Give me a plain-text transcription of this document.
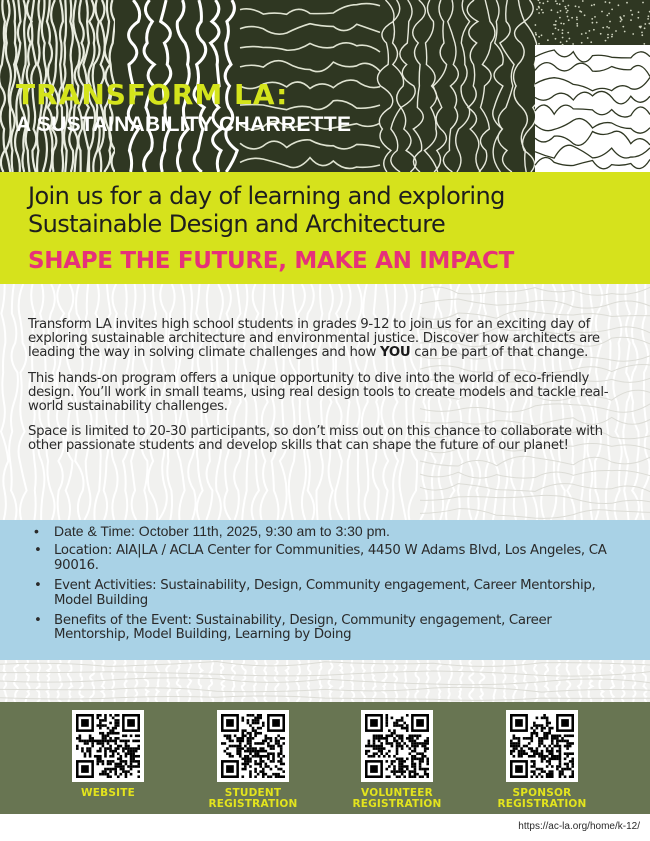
TRANSFORM LA:
A SUSTAINABILITY CHARRETTE
Join us for a day of learning and exploring
Sustainable Design and Architecture
SHAPE THE FUTURE, MAKE AN IMPACT

Transform LA invites high school students in grades 9-12 to join us for an exciting day of exploring sustainable architecture and environmental justice. Discover how architects are leading the way in solving climate challenges and how YOU can be part of that change.

This hands-on program offers a unique opportunity to dive into the world of eco-friendly design. You’ll work in small teams, using real design tools to create models and tackle real-world sustainability challenges.

Space is limited to 20-30 participants, so don’t miss out on this chance to collaborate with other passionate students and develop skills that can shape the future of our planet!

• Date & Time: October 11th, 2025, 9:30 am to 3:30 pm.
• Location: AIA|LA / ACLA Center for Communities, 4450 W Adams Blvd, Los Angeles, CA 90016.
• Event Activities: Sustainability, Design, Community engagement, Career Mentorship, Model Building
• Benefits of the Event: Sustainability, Design, Community engagement, Career Mentorship, Model Building, Learning by Doing
WEBSITE	STUDENT
REGISTRATION
VOLUNTEER
REGISTRATION
SPONSOR
REGISTRATION
https://ac-la.org/home/k-12/
